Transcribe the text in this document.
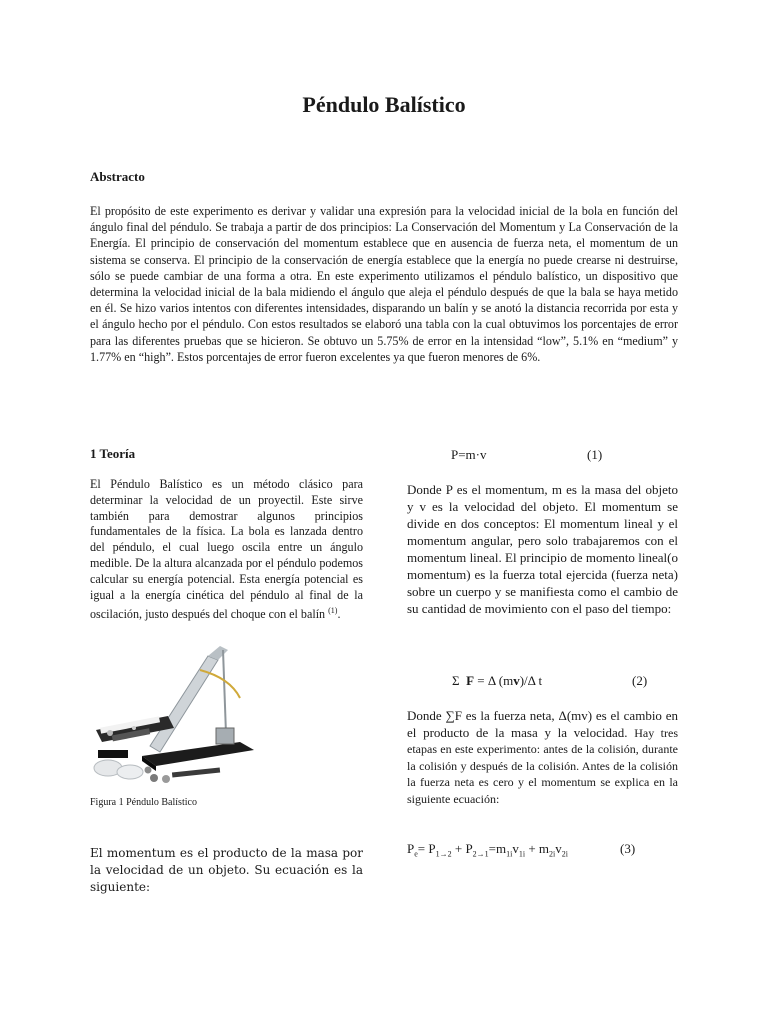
Péndulo Balístico
Abstracto
El propósito de este experimento es derivar y validar una expresión para la velocidad inicial de la bola en función del ángulo final del péndulo. Se trabaja a partir de dos principios: La Conservación del Momentum y La Conservación de la Energía. El principio de conservación del momentum establece que en ausencia de fuerza neta, el momentum de un sistema se conserva. El principio de la conservación de energía establece que la energía no puede crearse ni destruirse, sólo se puede cambiar de una forma a otra. En este experimento utilizamos el péndulo balístico, un dispositivo que determina la velocidad inicial de la bala midiendo el ángulo que aleja el péndulo después de que la bala se haya metido en él. Se hizo varios intentos con diferentes intensidades, disparando un balín y se anotó la distancia recorrida por esta y el ángulo hecho por el péndulo. Con estos resultados se elaboró una tabla con la cual obtuvimos los porcentajes de error para las diferentes pruebas que se hicieron. Se obtuvo un 5.75% de error en la intensidad “low”, 5.1% en “medium” y 1.77% en “high”. Estos porcentajes de error fueron excelentes ya que fueron menores de 6%.
1 Teoría
El Péndulo Balístico es un método clásico para determinar la velocidad de un proyectil. Este sirve también para demostrar algunos principios fundamentales de la física. La bola es lanzada dentro del péndulo, el cual luego oscila entre un ángulo medible. De la altura alcanzada por el péndulo podemos calcular su energía potencial. Esta energía potencial es igual a la energía cinética del péndulo al final de la oscilación, justo después del choque con el balín $^{(1)}$.
Figura 1 Péndulo Balístico
El momentum es el producto de la masa por la velocidad de un objeto. Su ecuación es la siguiente:
P=m·v	(1)
Donde P es el momentum, m es la masa del objeto y v es la velocidad del objeto. El momentum se divide en dos conceptos: El momentum lineal y el momentum angular, pero solo trabajaremos con el momentum lineal. El principio de momento lineal(o momentum) es la fuerza total ejercida (fuerza neta) sobre un cuerpo y se manifiesta como el cambio de su cantidad de movimiento con el paso del tiempo:
Σ F = Δ (mv)/Δ t	(2)
Donde ∑F es la fuerza neta, Δ(mv) es el cambio en el producto de la masa y la velocidad. Hay tres etapas en este experimento: antes de la colisión, durante la colisión y después de la colisión. Antes de la colisión la fuerza neta es cero y el momentum se explica en la siguiente ecuación:
$P_e= P_{1\to 2} + P_{2\to 1}=m_{1i}v_{1i} + m_{2i}v_{2i}$	(3)
